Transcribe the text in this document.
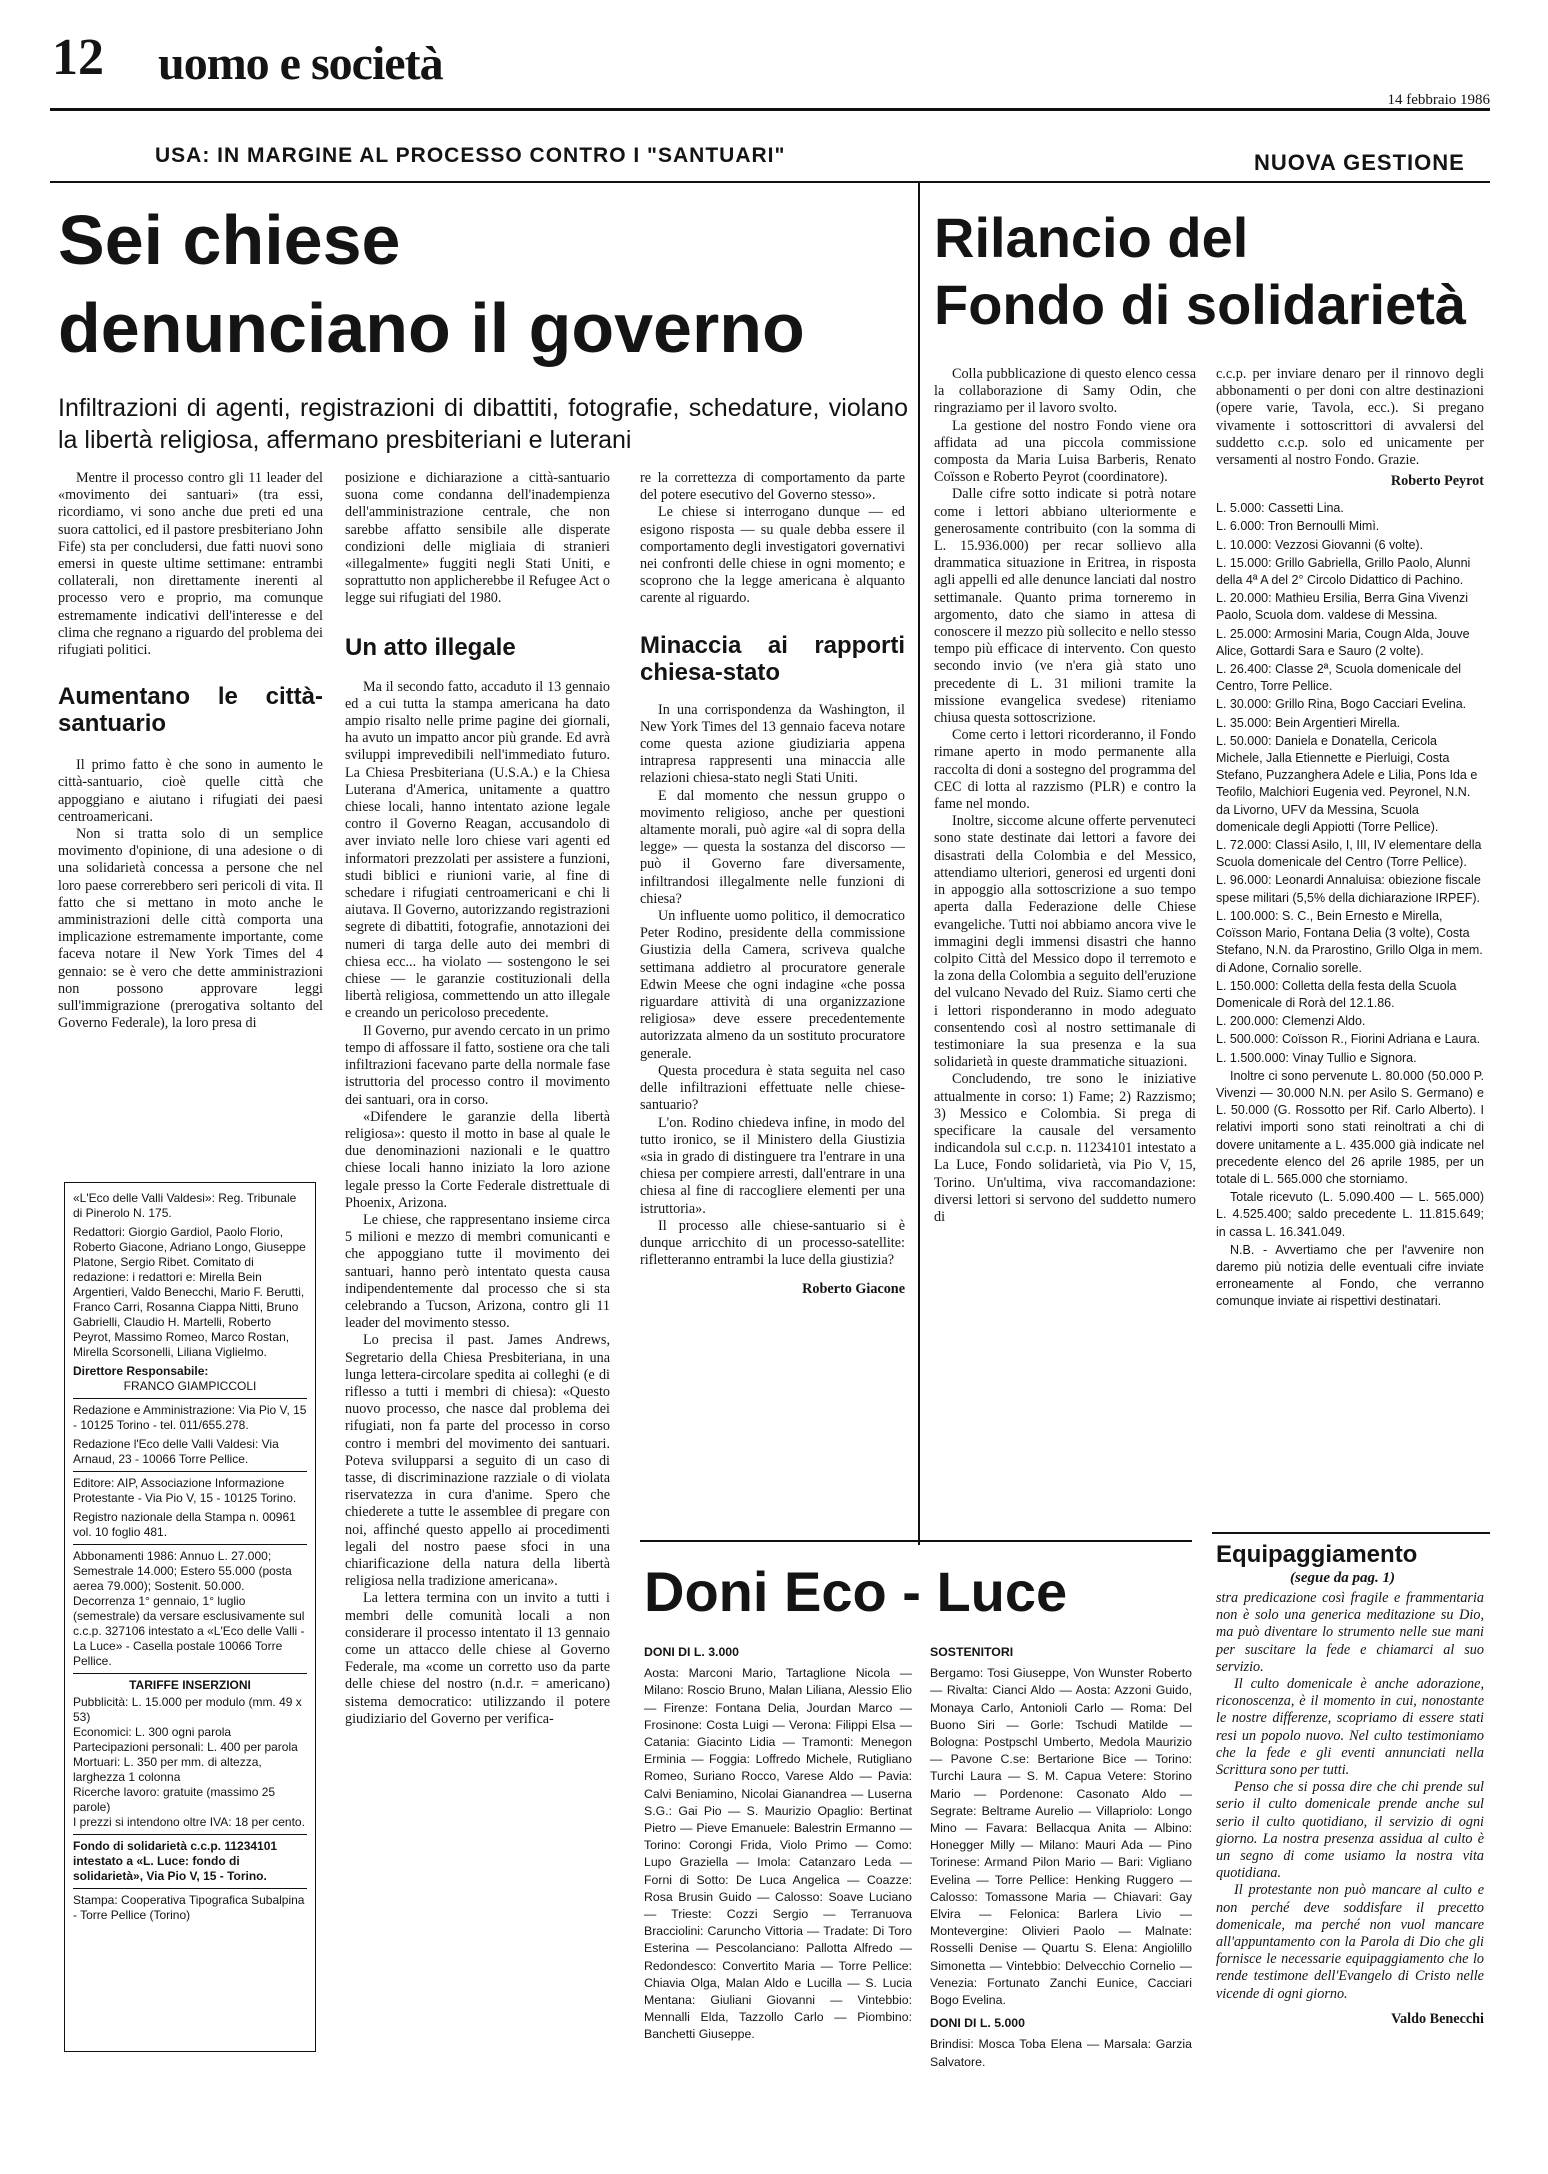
12 uomo e società
14 febbraio 1986
USA: IN MARGINE AL PROCESSO CONTRO I "SANTUARI"
Sei chiese
denunciano il governo
Infiltrazioni di agenti, registrazioni di dibattiti, fotografie, schedature, violano la libertà religiosa, affermano presbiteriani e luterani

Mentre il processo contro gli 11 leader del «movimento dei santuari» (tra essi, ricordiamo, vi sono anche due preti ed una suora cattolici, ed il pastore presbiteriano John Fife) sta per concludersi, due fatti nuovi sono emersi in queste ultime settimane: entrambi collaterali, non direttamente inerenti al processo vero e proprio, ma comunque estremamente indicativi dell'interesse e del clima che regnano a riguardo del problema dei rifugiati politici.

Aumentano le città-santuario

Il primo fatto è che sono in aumento le città-santuario, cioè quelle città che appoggiano e aiutano i rifugiati dei paesi centroamericani.

Non si tratta solo di un semplice movimento d'opinione, di una adesione o di una solidarietà concessa a persone che nel loro paese correrebbero seri pericoli di vita. Il fatto che si mettano in moto anche le amministrazioni delle città comporta una implicazione estremamente importante, come faceva notare il New York Times del 4 gennaio: se è vero che dette amministrazioni non possono approvare leggi sull'immigrazione (prerogativa soltanto del Governo Federale), la loro presa di

«L'Eco delle Valli Valdesi»: Reg. Tribunale di Pinerolo N. 175.

Redattori: Giorgio Gardiol, Paolo Florio, Roberto Giacone, Adriano Longo, Giuseppe Platone, Sergio Ribet. Comitato di redazione: i redattori e: Mirella Bein Argentieri, Valdo Benecchi, Mario F. Berutti, Franco Carri, Rosanna Ciappa Nitti, Bruno Gabrielli, Claudio H. Martelli, Roberto Peyrot, Massimo Romeo, Marco Rostan, Mirella Scorsonelli, Liliana Viglielmo.

Direttore Responsabile:

FRANCO GIAMPICCOLI

Redazione e Amministrazione: Via Pio V, 15 - 10125 Torino - tel. 011/655.278.

Redazione l'Eco delle Valli Valdesi: Via Arnaud, 23 - 10066 Torre Pellice.

Editore: AIP, Associazione Informazione Protestante - Via Pio V, 15 - 10125 Torino.

Registro nazionale della Stampa n. 00961 vol. 10 foglio 481.

Abbonamenti 1986: Annuo L. 27.000; Semestrale 14.000; Estero 55.000 (posta aerea 79.000); Sostenit. 50.000. Decorrenza 1° gennaio, 1° luglio (semestrale) da versare esclusivamente sul c.c.p. 327106 intestato a «L'Eco delle Valli - La Luce» - Casella postale 10066 Torre Pellice.

TARIFFE INSERZIONI

Pubblicità: L. 15.000 per modulo (mm. 49 x 53)

Economici: L. 300 ogni parola

Partecipazioni personali: L. 400 per parola

Mortuari: L. 350 per mm. di altezza, larghezza 1 colonna

Ricerche lavoro: gratuite (massimo 25 parole)

I prezzi si intendono oltre IVA: 18 per cento.

Fondo di solidarietà c.c.p. 11234101 intestato a «L. Luce: fondo di solidarietà», Via Pio V, 15 - Torino.

Stampa: Cooperativa Tipografica Subalpina - Torre Pellice (Torino)

posizione e dichiarazione a città-santuario suona come condanna dell'inadempienza dell'amministrazione centrale, che non sarebbe affatto sensibile alle disperate condizioni delle migliaia di stranieri «illegalmente» fuggiti negli Stati Uniti, e soprattutto non applicherebbe il Refugee Act o legge sui rifugiati del 1980.

Un atto illegale

Ma il secondo fatto, accaduto il 13 gennaio ed a cui tutta la stampa americana ha dato ampio risalto nelle prime pagine dei giornali, ha avuto un impatto ancor più grande. Ed avrà sviluppi imprevedibili nell'immediato futuro. La Chiesa Presbiteriana (U.S.A.) e la Chiesa Luterana d'America, unitamente a quattro chiese locali, hanno intentato azione legale contro il Governo Reagan, accusandolo di aver inviato nelle loro chiese vari agenti ed informatori prezzolati per assistere a funzioni, studi biblici e riunioni varie, al fine di schedare i rifugiati centroamericani e chi li aiutava. Il Governo, autorizzando registrazioni segrete di dibattiti, fotografie, annotazioni dei numeri di targa delle auto dei membri di chiesa ecc... ha violato — sostengono le sei chiese — le garanzie costituzionali della libertà religiosa, commettendo un atto illegale e creando un pericoloso precedente.

Il Governo, pur avendo cercato in un primo tempo di affossare il fatto, sostiene ora che tali infiltrazioni facevano parte della normale fase istruttoria del processo contro il movimento dei santuari, ora in corso.

«Difendere le garanzie della libertà religiosa»: questo il motto in base al quale le due denominazioni nazionali e le quattro chiese locali hanno iniziato la loro azione legale presso la Corte Federale distrettuale di Phoenix, Arizona.

Le chiese, che rappresentano insieme circa 5 milioni e mezzo di membri comunicanti e che appoggiano tutte il movimento dei santuari, hanno però intentato questa causa indipendentemente dal processo che si sta celebrando a Tucson, Arizona, contro gli 11 leader del movimento stesso.

Lo precisa il past. James Andrews, Segretario della Chiesa Presbiteriana, in una lunga lettera-circolare spedita ai colleghi (e di riflesso a tutti i membri di chiesa): «Questo nuovo processo, che nasce dal problema dei rifugiati, non fa parte del processo in corso contro i membri del movimento dei santuari. Poteva svilupparsi a seguito di un caso di tasse, di discriminazione razziale o di violata riservatezza in cura d'anime. Spero che chiederete a tutte le assemblee di pregare con noi, affinché questo appello ai procedimenti legali del nostro paese sfoci in una chiarificazione della natura della libertà religiosa nella tradizione americana».

La lettera termina con un invito a tutti i membri delle comunità locali a non considerare il processo intentato il 13 gennaio come un attacco delle chiese al Governo Federale, ma «come un corretto uso da parte delle chiese del nostro (n.d.r. = americano) sistema democratico: utilizzando il potere giudiziario del Governo per verifica-

re la correttezza di comportamento da parte del potere esecutivo del Governo stesso».

Le chiese si interrogano dunque — ed esigono risposta — su quale debba essere il comportamento degli investigatori governativi nei confronti delle chiese in ogni momento; e scoprono che la legge americana è alquanto carente al riguardo.

Minaccia ai rapporti chiesa-stato

In una corrispondenza da Washington, il New York Times del 13 gennaio faceva notare come questa azione giudiziaria appena intrapresa rappresenti una minaccia alle relazioni chiesa-stato negli Stati Uniti.

E dal momento che nessun gruppo o movimento religioso, anche per questioni altamente morali, può agire «al di sopra della legge» — questa la sostanza del discorso — può il Governo fare diversamente, infiltrandosi illegalmente nelle funzioni di chiesa?

Un influente uomo politico, il democratico Peter Rodino, presidente della commissione Giustizia della Camera, scriveva qualche settimana addietro al procuratore generale Edwin Meese che ogni indagine «che possa riguardare attività di una organizzazione religiosa» deve essere precedentemente autorizzata almeno da un sostituto procuratore generale.

Questa procedura è stata seguita nel caso delle infiltrazioni effettuate nelle chiese-santuario?

L'on. Rodino chiedeva infine, in modo del tutto ironico, se il Ministero della Giustizia «sia in grado di distinguere tra l'entrare in una chiesa per compiere arresti, dall'entrare in una chiesa al fine di raccogliere elementi per una istruttoria».

Il processo alle chiese-santuario si è dunque arricchito di un processo-satellite: rifletteranno entrambi la luce della giustizia?

Roberto Giacone
NUOVA GESTIONE
Rilancio del
Fondo di solidarietà

Colla pubblicazione di questo elenco cessa la collaborazione di Samy Odin, che ringraziamo per il lavoro svolto.

La gestione del nostro Fondo viene ora affidata ad una piccola commissione composta da Maria Luisa Barberis, Renato Coïsson e Roberto Peyrot (coordinatore).

Dalle cifre sotto indicate si potrà notare come i lettori abbiano ulteriormente e generosamente contribuito (con la somma di L. 15.936.000) per recar sollievo alla drammatica situazione in Eritrea, in risposta agli appelli ed alle denunce lanciati dal nostro settimanale. Quanto prima torneremo in argomento, dato che siamo in attesa di conoscere il mezzo più sollecito e nello stesso tempo più efficace di intervento. Con questo secondo invio (ve n'era già stato uno precedente di L. 31 milioni tramite la missione evangelica svedese) riteniamo chiusa questa sottoscrizione.

Come certo i lettori ricorderanno, il Fondo rimane aperto in modo permanente alla raccolta di doni a sostegno del programma del CEC di lotta al razzismo (PLR) e contro la fame nel mondo.

Inoltre, siccome alcune offerte pervenuteci sono state destinate dai lettori a favore dei disastrati della Colombia e del Messico, attendiamo ulteriori, generosi ed urgenti doni in appoggio alla sottoscrizione a suo tempo aperta dalla Federazione delle Chiese evangeliche. Tutti noi abbiamo ancora vive le immagini degli immensi disastri che hanno colpito Città del Messico dopo il terremoto e la zona della Colombia a seguito dell'eruzione del vulcano Nevado del Ruiz. Siamo certi che i lettori risponderanno in modo adeguato consentendo così al nostro settimanale di testimoniare la sua presenza e la sua solidarietà in queste drammatiche situazioni.

Concludendo, tre sono le iniziative attualmente in corso: 1) Fame; 2) Razzismo; 3) Messico e Colombia. Si prega di specificare la causale del versamento indicandola sul c.c.p. n. 11234101 intestato a La Luce, Fondo solidarietà, via Pio V, 15, Torino. Un'ultima, viva raccomandazione: diversi lettori si servono del suddetto numero di

c.c.p. per inviare denaro per il rinnovo degli abbonamenti o per doni con altre destinazioni (opere varie, Tavola, ecc.). Si pregano vivamente i sottoscrittori di avvalersi del suddetto c.c.p. solo ed unicamente per versamenti al nostro Fondo. Grazie.
Roberto Peyrot

L. 5.000: Cassetti Lina.

L. 6.000: Tron Bernoulli Mimì.

L. 10.000: Vezzosi Giovanni (6 volte).

L. 15.000: Grillo Gabriella, Grillo Paolo, Alunni della 4ª A del 2° Circolo Didattico di Pachino.

L. 20.000: Mathieu Ersilia, Berra Gina Vivenzi Paolo, Scuola dom. valdese di Messina.

L. 25.000: Armosini Maria, Cougn Alda, Jouve Alice, Gottardi Sara e Sauro (2 volte).

L. 26.400: Classe 2ª, Scuola domenicale del Centro, Torre Pellice.

L. 30.000: Grillo Rina, Bogo Cacciari Evelina.

L. 35.000: Bein Argentieri Mirella.

L. 50.000: Daniela e Donatella, Cericola Michele, Jalla Etiennette e Pierluigi, Costa Stefano, Puzzanghera Adele e Lilia, Pons Ida e Teofilo, Malchiori Eugenia ved. Peyronel, N.N. da Livorno, UFV da Messina, Scuola domenicale degli Appiotti (Torre Pellice).

L. 72.000: Classi Asilo, I, III, IV elementare della Scuola domenicale del Centro (Torre Pellice).

L. 96.000: Leonardi Annaluisa: obiezione fiscale spese militari (5,5% della dichiarazione IRPEF).

L. 100.000: S. C., Bein Ernesto e Mirella, Coïsson Mario, Fontana Delia (3 volte), Costa Stefano, N.N. da Prarostino, Grillo Olga in mem. di Adone, Cornalio sorelle.

L. 150.000: Colletta della festa della Scuola Domenicale di Rorà del 12.1.86.

L. 200.000: Clemenzi Aldo.

L. 500.000: Coïsson R., Fiorini Adriana e Laura.

L. 1.500.000: Vinay Tullio e Signora.

Inoltre ci sono pervenute L. 80.000 (50.000 P. Vivenzi — 30.000 N.N. per Asilo S. Germano) e L. 50.000 (G. Rossotto per Rif. Carlo Alberto). I relativi importi sono stati reinoltrati a chi di dovere unitamente a L. 435.000 già indicate nel precedente elenco del 26 aprile 1985, per un totale di L. 565.000 che storniamo.

Totale ricevuto (L. 5.090.400 — L. 565.000) L. 4.525.400; saldo precedente L. 11.815.649; in cassa L. 16.341.049.

N.B. - Avvertiamo che per l'avvenire non daremo più notizia delle eventuali cifre inviate erroneamente al Fondo, che verranno comunque inviate ai rispettivi destinatari.

Doni Eco - Luce

DONI DI L. 3.000

Aosta: Marconi Mario, Tartaglione Nicola — Milano: Roscio Bruno, Malan Liliana, Alessio Elio — Firenze: Fontana Delia, Jourdan Marco — Frosinone: Costa Luigi — Verona: Filippi Elsa — Catania: Giacinto Lidia — Tramonti: Menegon Erminia — Foggia: Loffredo Michele, Rutigliano Romeo, Suriano Rocco, Varese Aldo — Pavia: Calvi Beniamino, Nicolai Gianandrea — Luserna S.G.: Gai Pio — S. Maurizio Opaglio: Bertinat Pietro — Pieve Emanuele: Balestrin Ermanno — Torino: Corongi Frida, Violo Primo — Como: Lupo Graziella — Imola: Catanzaro Leda — Forni di Sotto: De Luca Angelica — Coazze: Rosa Brusin Guido — Calosso: Soave Luciano — Trieste: Cozzi Sergio — Terranuova Bracciolini: Caruncho Vittoria — Tradate: Di Toro Esterina — Pescolanciano: Pallotta Alfredo — Redondesco: Convertito Maria — Torre Pellice: Chiavia Olga, Malan Aldo e Lucilla — S. Lucia Mentana: Giuliani Giovanni — Vintebbio: Mennalli Elda, Tazzollo Carlo — Piombino: Banchetti Giuseppe.

SOSTENITORI

Bergamo: Tosi Giuseppe, Von Wunster Roberto — Rivalta: Cianci Aldo — Aosta: Azzoni Guido, Monaya Carlo, Antonioli Carlo — Roma: Del Buono Siri — Gorle: Tschudi Matilde — Bologna: Postpschl Umberto, Medola Maurizio — Pavone C.se: Bertarione Bice — Torino: Turchi Laura — S. M. Capua Vetere: Storino Mario — Pordenone: Casonato Aldo — Segrate: Beltrame Aurelio — Villapriolo: Longo Mino — Favara: Bellacqua Anita — Albino: Honegger Milly — Milano: Mauri Ada — Pino Torinese: Armand Pilon Mario — Bari: Vigliano Evelina — Torre Pellice: Henking Ruggero — Calosso: Tomassone Maria — Chiavari: Gay Elvira — Felonica: Barlera Livio — Montevergine: Olivieri Paolo — Malnate: Rosselli Denise — Quartu S. Elena: Angiolillo Simonetta — Vintebbio: Delvecchio Cornelio — Venezia: Fortunato Zanchi Eunice, Cacciari Bogo Evelina.

DONI DI L. 5.000

Brindisi: Mosca Toba Elena — Marsala: Garzia Salvatore.

Equipaggiamento
(segue da pag. 1)

stra predicazione così fragile e frammentaria non è solo una generica meditazione su Dio, ma può diventare lo strumento nelle sue mani per suscitare la fede e chiamarci al suo servizio.

Il culto domenicale è anche adorazione, riconoscenza, è il momento in cui, nonostante le nostre differenze, scopriamo di essere stati resi un popolo nuovo. Nel culto testimoniamo che la fede e gli eventi annunciati nella Scrittura sono per tutti.

Penso che si possa dire che chi prende sul serio il culto domenicale prende anche sul serio il culto quotidiano, il servizio di ogni giorno. La nostra presenza assidua al culto è un segno di come usiamo la nostra vita quotidiana.

Il protestante non può mancare al culto e non perché deve soddisfare il precetto domenicale, ma perché non vuol mancare all'appuntamento con la Parola di Dio che gli fornisce le necessarie equipaggiamento che lo rende testimone dell'Evangelo di Cristo nelle vicende di ogni giorno.

Valdo Benecchi
